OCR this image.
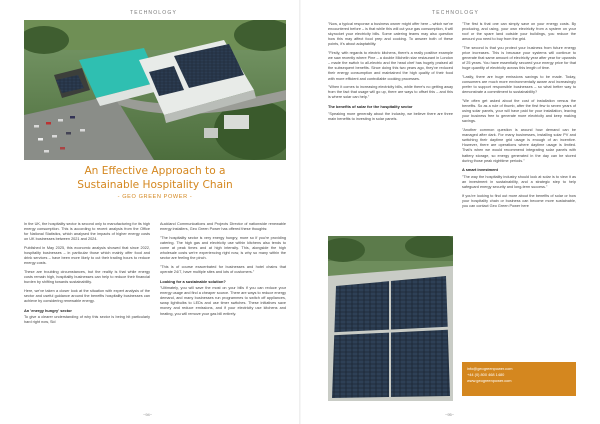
TECHNOLOGY
An Effective Approach to a
Sustainable Hospitality Chain
- GEO GREEN POWER -

In the UK, the hospitality sector is second only to manufacturing for its high energy consumption. This is according to recent analysis from the Office for National Statistics, which analysed the impacts of higher energy costs on UK businesses between 2021 and 2024.

Published in May 2025, this economic analysis showed that since 2022, hospitality businesses – in particular those which mainly offer food and drink services – have been more likely to cut their trading hours to reduce energy costs.

These are troubling circumstances, but the reality is that while energy costs remain high, hospitality businesses can help to reduce their financial burden by shifting towards sustainability.

Here, we've taken a closer look at the situation with expert analysis of the sector and useful guidance around the benefits hospitality businesses can achieve by considering renewable energy.

An 'energy hungry' sector

To give a clearer understanding of why this sector is being hit particularly hard right now, Sid

Auckland Communications and Projects Director of nationwide renewable energy installers, Geo Green Power has offered these thoughts:

"The hospitality sector is very energy hungry, more so if you're providing catering. The high gas and electricity use within kitchens also tends to come at peak times and at high intensity. This, alongside the high wholesale costs we're experiencing right now, is why so many within the sector are feeling the pinch.

"This is of course exacerbated for businesses and hotel chains that operate 24/7, have multiple sites and lots of customers."

Looking for a sustainable solution?

"Ultimately, you will save the most on your bills if you can reduce your energy usage and find a cheaper source. There are ways to reduce energy demand, and many businesses run programmes to switch off appliances, swap lightbulbs to LEDs and use timer switches. These initiatives save money and reduce emissions, and if your electricity use kitchens and heating, you will remove your gas bill entirely.

~94~
TECHNOLOGY

"Now, a typical response a business owner might offer here – which we've encountered before – is that while this will cut your gas consumption, it will skyrocket your electricity bills. Some catering teams may also question how this may affect food prep and cooking. To answer both of these points, it's about adaptability.

"Firstly, with regards to electric kitchens, there's a really positive example we saw recently where Pine – a double Michelin star restaurant in London – made the switch to all-electric and the head chef has hugely praised all the subsequent benefits. Since doing this two years ago, they've reduced their energy consumption and maintained the high quality of their food with more efficient and controllable cooking processes.

"When it comes to increasing electricity bills, while there's no getting away from the fact that usage will go up, there are ways to offset this – and this is where solar can help."

The benefits of solar for the hospitality sector

"Speaking more generally about the industry, we believe there are three main benefits to investing in solar panels.

"The first is that one can simply save on your energy costs. By producing, and using, your own electricity from a system on your roof or the spare land outside your buildings, you reduce the amount you need to buy from the grid.

"The second is that you protect your business from future energy price increases. This is because your systems will continue to generate that same amount of electricity year after year for upwards of 25 years. You have essentially secured your energy price for that huge quantity of electricity across this length of time.

"Lastly, there are huge emissions savings to be made. Today, consumers are much more environmentally aware and increasingly prefer to support responsible businesses – so what better way to demonstrate a commitment to sustainability?

"We often get asked about the cost of installation versus the benefits. So as a rule of thumb, after the first few to seven years of using solar panels, your will have paid for your installation, leaving your business free to generate more electricity and keep making savings.

"Another common question is around how demand can be managed after dark. For many businesses, installing solar PV and switching their daytime grid usage is enough of an incentive. However, there are operations where daytime usage is limited. That's when we would recommend integrating solar panels with battery storage, so energy generated in the day can be stored during those peak nighttime periods."

A smart investment

"The way the hospitality industry should look at solar is to view it as an investment in sustainability, and a strategic step to help safeguard energy security and long-term success."

If you're looking to find out more about the benefits of solar or how your hospitality chain or business can become more sustainable, you can contact Geo Green Power here

info@geogreenpower.com
+44 (0) 800 468 1480
www.geogreenpower.com
~95~
